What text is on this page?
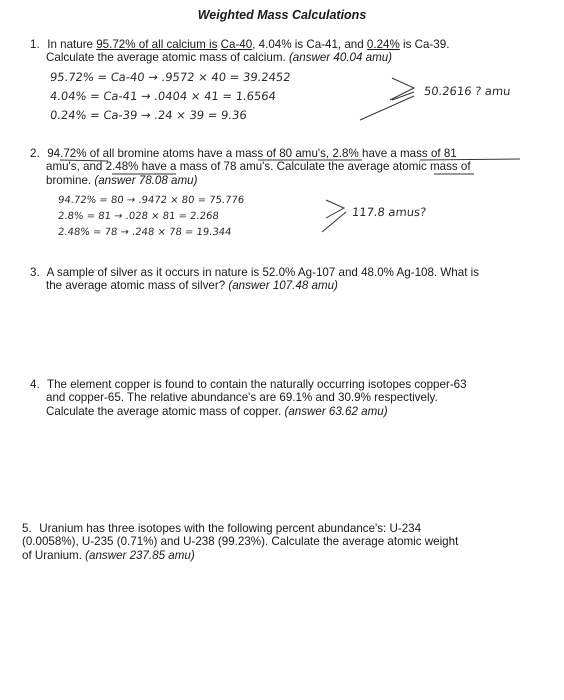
Weighted Mass Calculations
1. In nature 95.72% of all calcium is Ca-40, 4.04% is Ca-41, and 0.24% is Ca-39.
Calculate the average atomic mass of calcium. (answer 40.04 amu)
95.72% = Ca-40 → .9572 × 40 = 39.2452
4.04% = Ca-41 → .0404 × 41 = 1.6564
0.24% = Ca-39 → .24 × 39 = 9.36
50.2616 ? amu
2. 94.72% of all bromine atoms have a mass of 80 amu's, 2.8% have a mass of 81
amu's, and 2.48% have a mass of 78 amu's. Calculate the average atomic mass of
bromine. (answer 78.08 amu)
94.72% = 80 → .9472 × 80 = 75.776
2.8% = 81 → .028 × 81 = 2.268
2.48% = 78 → .248 × 78 = 19.344
117.8 amus?
3. A sample of silver as it occurs in nature is 52.0% Ag-107 and 48.0% Ag-108. What is
the average atomic mass of silver? (answer 107.48 amu)
4. The element copper is found to contain the naturally occurring isotopes copper-63
and copper-65. The relative abundance's are 69.1% and 30.9% respectively.
Calculate the average atomic mass of copper. (answer 63.62 amu)
5. Uranium has three isotopes with the following percent abundance's: U-234
(0.0058%), U-235 (0.71%) and U-238 (99.23%). Calculate the average atomic weight
of Uranium. (answer 237.85 amu)
